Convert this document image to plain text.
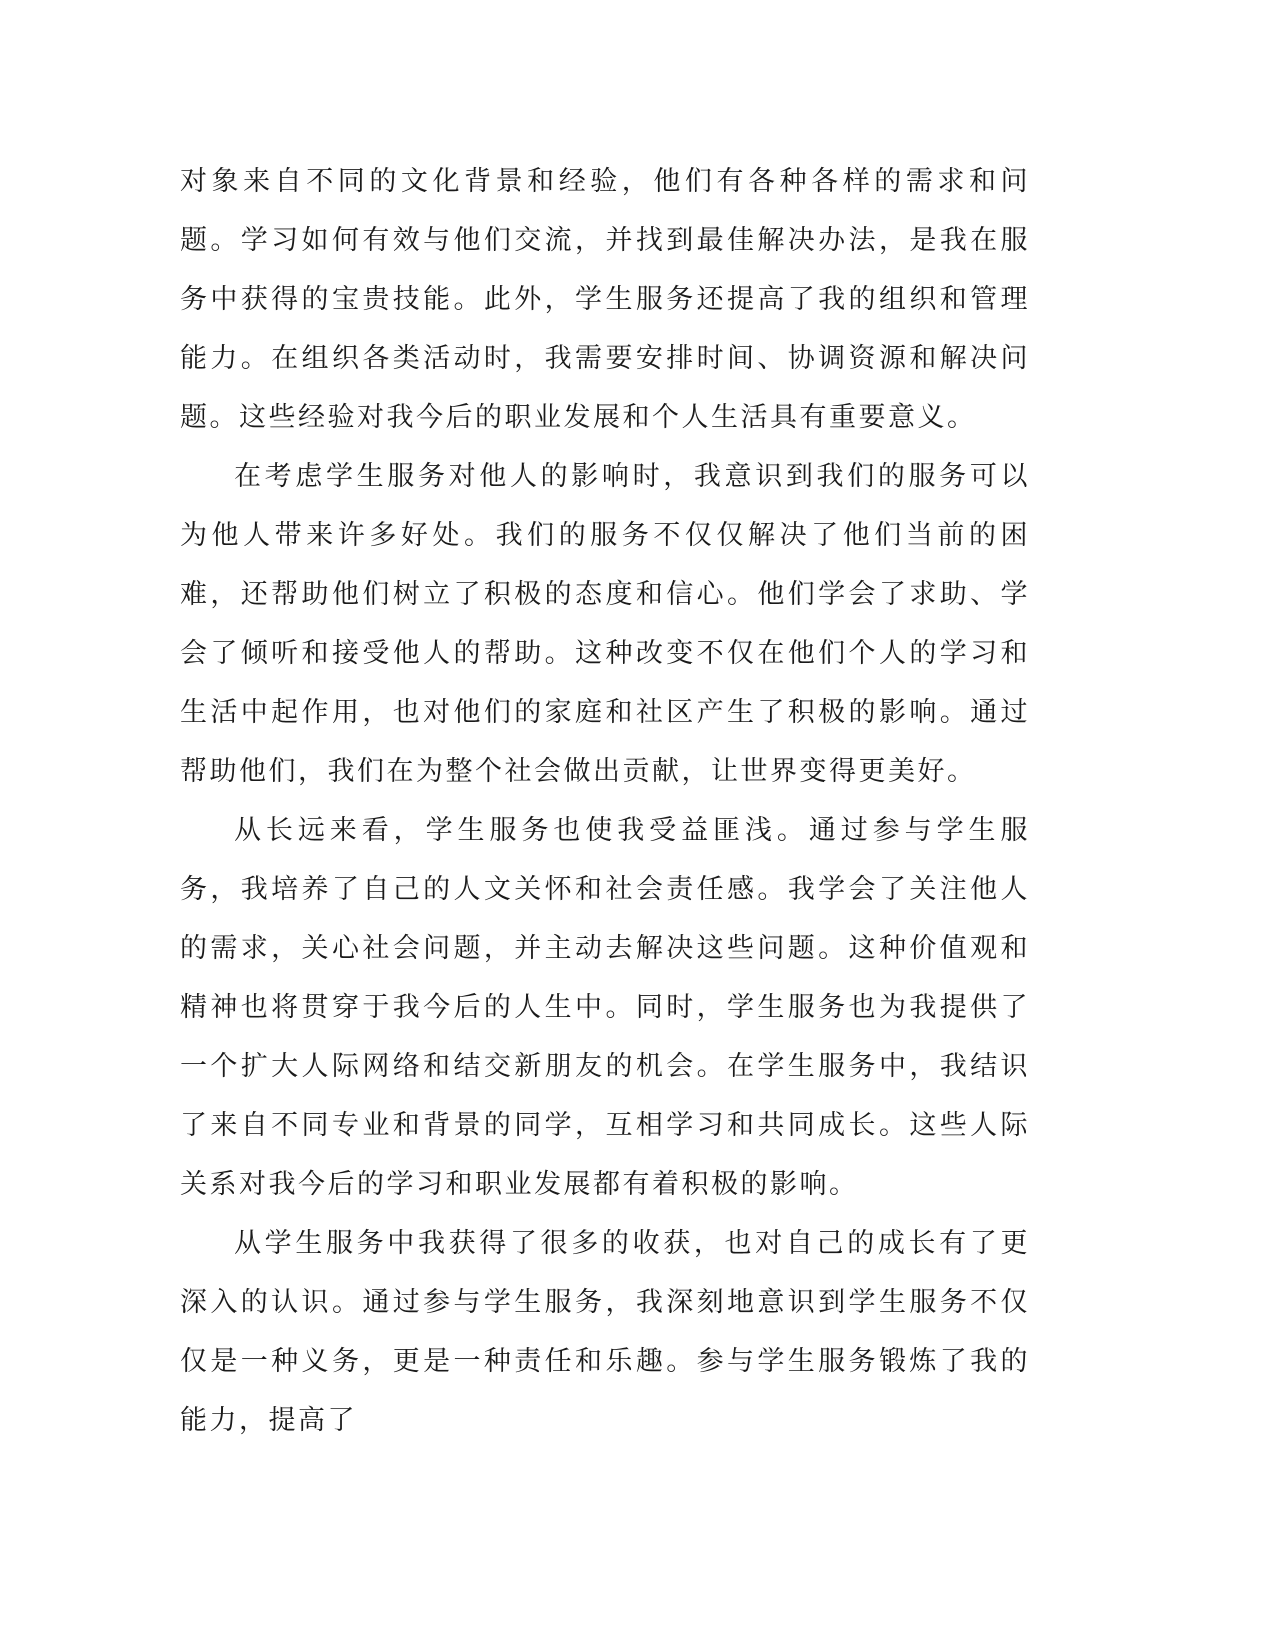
对象来自不同的文化背景和经验，他们有各种各样的需求和问题。学习如何有效与他们交流，并找到最佳解决办法，是我在服务中获得的宝贵技能。此外，学生服务还提高了我的组织和管理能力。在组织各类活动时，我需要安排时间、协调资源和解决问题。这些经验对我今后的职业发展和个人生活具有重要意义。

在考虑学生服务对他人的影响时，我意识到我们的服务可以为他人带来许多好处。我们的服务不仅仅解决了他们当前的困难，还帮助他们树立了积极的态度和信心。他们学会了求助、学会了倾听和接受他人的帮助。这种改变不仅在他们个人的学习和生活中起作用，也对他们的家庭和社区产生了积极的影响。通过帮助他们，我们在为整个社会做出贡献，让世界变得更美好。

从长远来看，学生服务也使我受益匪浅。通过参与学生服务，我培养了自己的人文关怀和社会责任感。我学会了关注他人的需求，关心社会问题，并主动去解决这些问题。这种价值观和精神也将贯穿于我今后的人生中。同时，学生服务也为我提供了一个扩大人际网络和结交新朋友的机会。在学生服务中，我结识了来自不同专业和背景的同学，互相学习和共同成长。这些人际关系对我今后的学习和职业发展都有着积极的影响。

从学生服务中我获得了很多的收获，也对自己的成长有了更深入的认识。通过参与学生服务，我深刻地意识到学生服务不仅仅是一种义务，更是一种责任和乐趣。参与学生服务锻炼了我的能力，提高了
